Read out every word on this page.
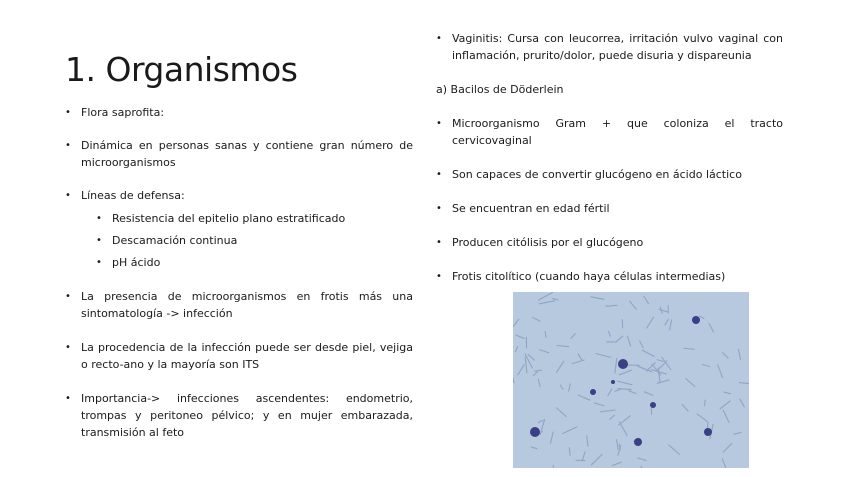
1. Organismos
• Flora saprofita:
• Dinámica en personas sanas y contiene gran número de microorganismos
• Líneas de defensa:
• Resistencia del epitelio plano estratificado
• Descamación continua
• pH ácido
• La presencia de microorganismos en frotis más una sintomatología -> infección
• La procedencia de la infección puede ser desde piel, vejiga o recto-ano y la mayoría son ITS
• Importancia-> infecciones ascendentes: endometrio, trompas y peritoneo pélvico; y en mujer embarazada, transmisión al feto
• Vaginitis: Cursa con leucorrea, irritación vulvo vaginal con inflamación, prurito/dolor, puede disuria y dispareunia
a) Bacilos de Döderlein
• Microorganismo Gram + que coloniza el tracto cervicovaginal
• Son capaces de convertir glucógeno en ácido láctico
• Se encuentran en edad fértil
• Producen citólisis por el glucógeno
• Frotis citolítico (cuando haya células intermedias)
